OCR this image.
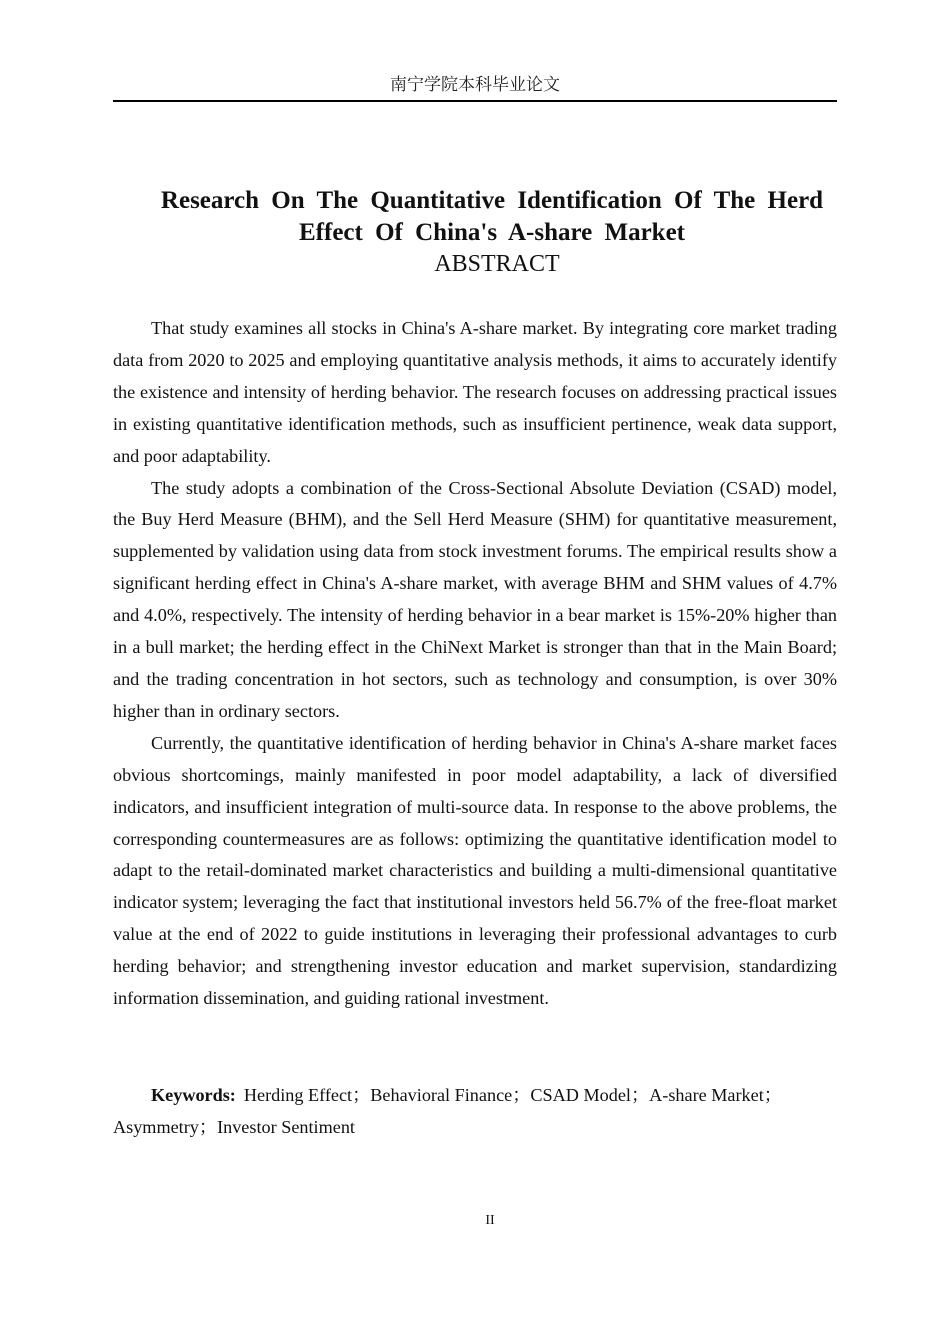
南宁学院本科毕业论文
Research On The Quantitative Identification Of The Herd
Effect Of China's A-share Market
ABSTRACT

That study examines all stocks in China's A-share market. By integrating core market trading data from 2020 to 2025 and employing quantitative analysis methods, it aims to accurately identify the existence and intensity of herding behavior. The research focuses on addressing practical issues in existing quantitative identification methods, such as insufficient pertinence, weak data support, and poor adaptability.

The study adopts a combination of the Cross-Sectional Absolute Deviation (CSAD) model, the Buy Herd Measure (BHM), and the Sell Herd Measure (SHM) for quantitative measurement, supplemented by validation using data from stock investment forums. The empirical results show a significant herding effect in China's A-share market, with average BHM and SHM values of 4.7% and 4.0%, respectively. The intensity of herding behavior in a bear market is 15%-20% higher than in a bull market; the herding effect in the ChiNext Market is stronger than that in the Main Board; and the trading concentration in hot sectors, such as technology and consumption, is over 30% higher than in ordinary sectors.

Currently, the quantitative identification of herding behavior in China's A-share market faces obvious shortcomings, mainly manifested in poor model adaptability, a lack of diversified indicators, and insufficient integration of multi-source data. In response to the above problems, the corresponding countermeasures are as follows: optimizing the quantitative identification model to adapt to the retail-dominated market characteristics and building a multi-dimensional quantitative indicator system; leveraging the fact that institutional investors held 56.7% of the free-float market value at the end of 2022 to guide institutions in leveraging their professional advantages to curb herding behavior; and strengthening investor education and market supervision, standardizing information dissemination, and guiding rational investment.

Keywords: Herding Effect；Behavioral Finance；CSAD Model；A-share Market；Asymmetry；Investor Sentiment
II
